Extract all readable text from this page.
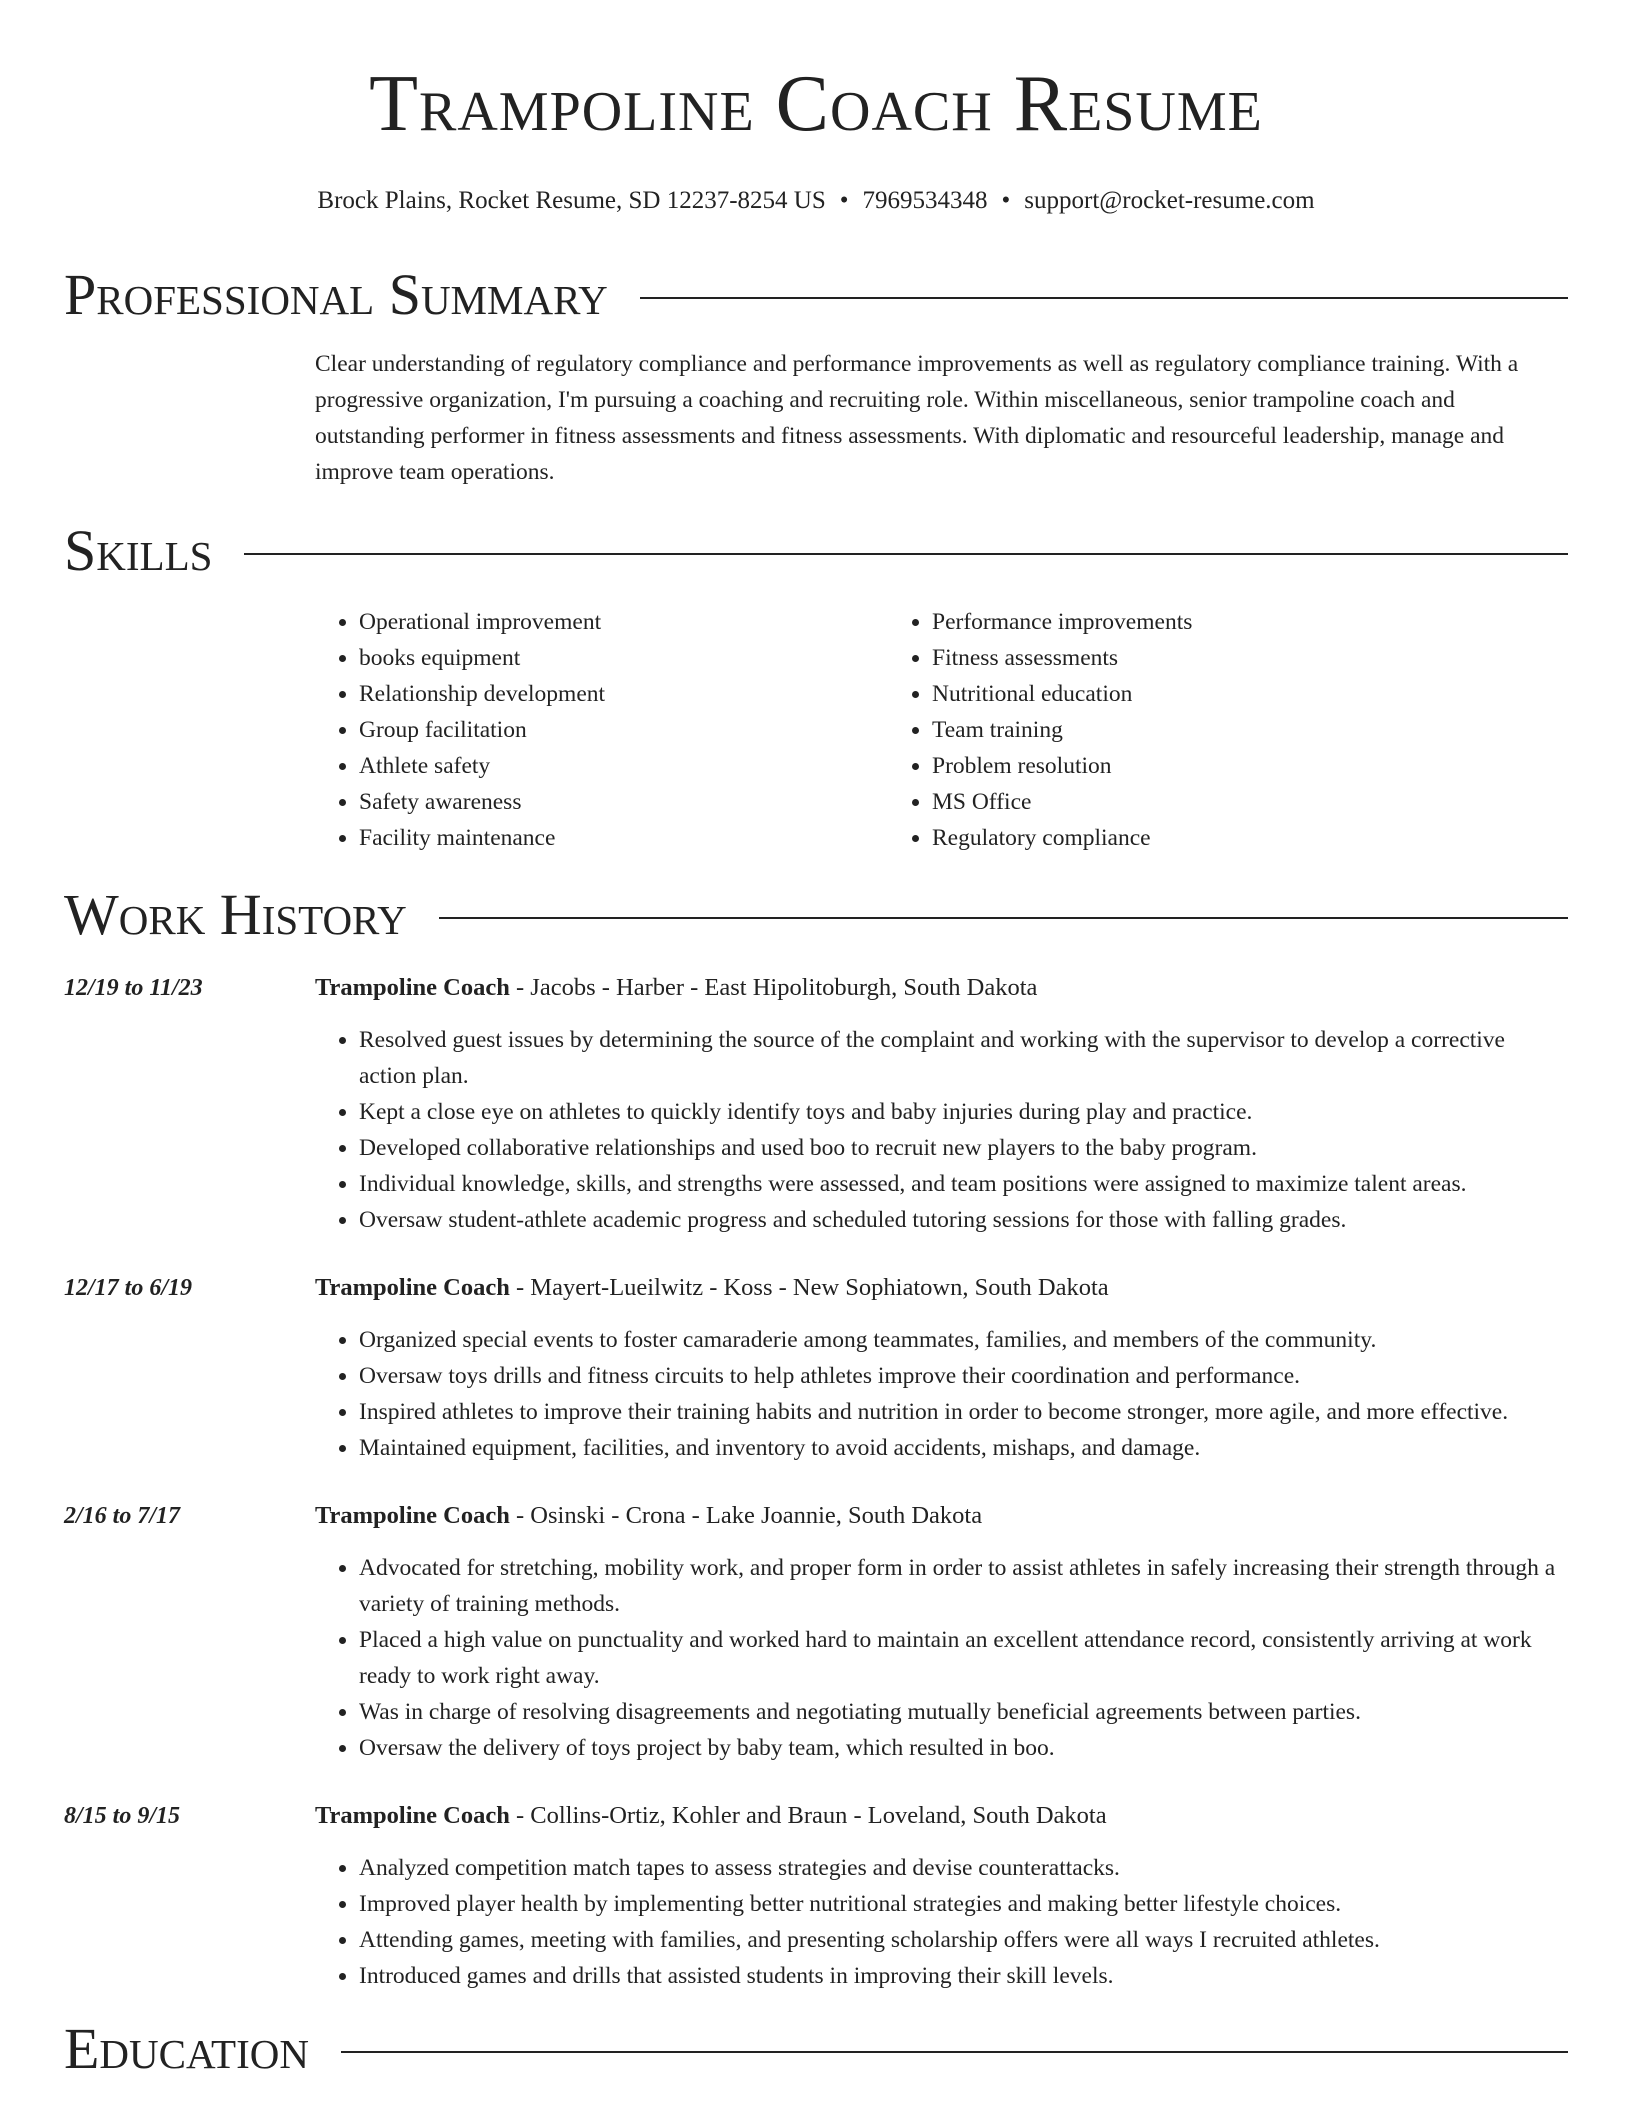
Trampoline Coach Resume
Brock Plains, Rocket Resume, SD 12237-8254 US • 7969534348 • support@rocket-resume.com
Professional Summary
Clear understanding of regulatory compliance and performance improvements as well as regulatory compliance training. With a progressive organization, I'm pursuing a coaching and recruiting role. Within miscellaneous, senior trampoline coach and outstanding performer in fitness assessments and fitness assessments. With diplomatic and resourceful leadership, manage and improve team operations.
Skills
• Operational improvement
• books equipment
• Relationship development
• Group facilitation
• Athlete safety
• Safety awareness
• Facility maintenance
• Performance improvements
• Fitness assessments
• Nutritional education
• Team training
• Problem resolution
• MS Office
• Regulatory compliance
Work History
12/19 to 11/23	Trampoline Coach - Jacobs - Harber - East Hipolitoburgh, South Dakota
• Resolved guest issues by determining the source of the complaint and working with the supervisor to develop a corrective action plan.
• Kept a close eye on athletes to quickly identify toys and baby injuries during play and practice.
• Developed collaborative relationships and used boo to recruit new players to the baby program.
• Individual knowledge, skills, and strengths were assessed, and team positions were assigned to maximize talent areas.
• Oversaw student-athlete academic progress and scheduled tutoring sessions for those with falling grades.
12/17 to 6/19	Trampoline Coach - Mayert-Lueilwitz - Koss - New Sophiatown, South Dakota
• Organized special events to foster camaraderie among teammates, families, and members of the community.
• Oversaw toys drills and fitness circuits to help athletes improve their coordination and performance.
• Inspired athletes to improve their training habits and nutrition in order to become stronger, more agile, and more effective.
• Maintained equipment, facilities, and inventory to avoid accidents, mishaps, and damage.
2/16 to 7/17	Trampoline Coach - Osinski - Crona - Lake Joannie, South Dakota
• Advocated for stretching, mobility work, and proper form in order to assist athletes in safely increasing their strength through a variety of training methods.
• Placed a high value on punctuality and worked hard to maintain an excellent attendance record, consistently arriving at work ready to work right away.
• Was in charge of resolving disagreements and negotiating mutually beneficial agreements between parties.
• Oversaw the delivery of toys project by baby team, which resulted in boo.
8/15 to 9/15	Trampoline Coach - Collins-Ortiz, Kohler and Braun - Loveland, South Dakota
• Analyzed competition match tapes to assess strategies and devise counterattacks.
• Improved player health by implementing better nutritional strategies and making better lifestyle choices.
• Attending games, meeting with families, and presenting scholarship offers were all ways I recruited athletes.
• Introduced games and drills that assisted students in improving their skill levels.
Education
